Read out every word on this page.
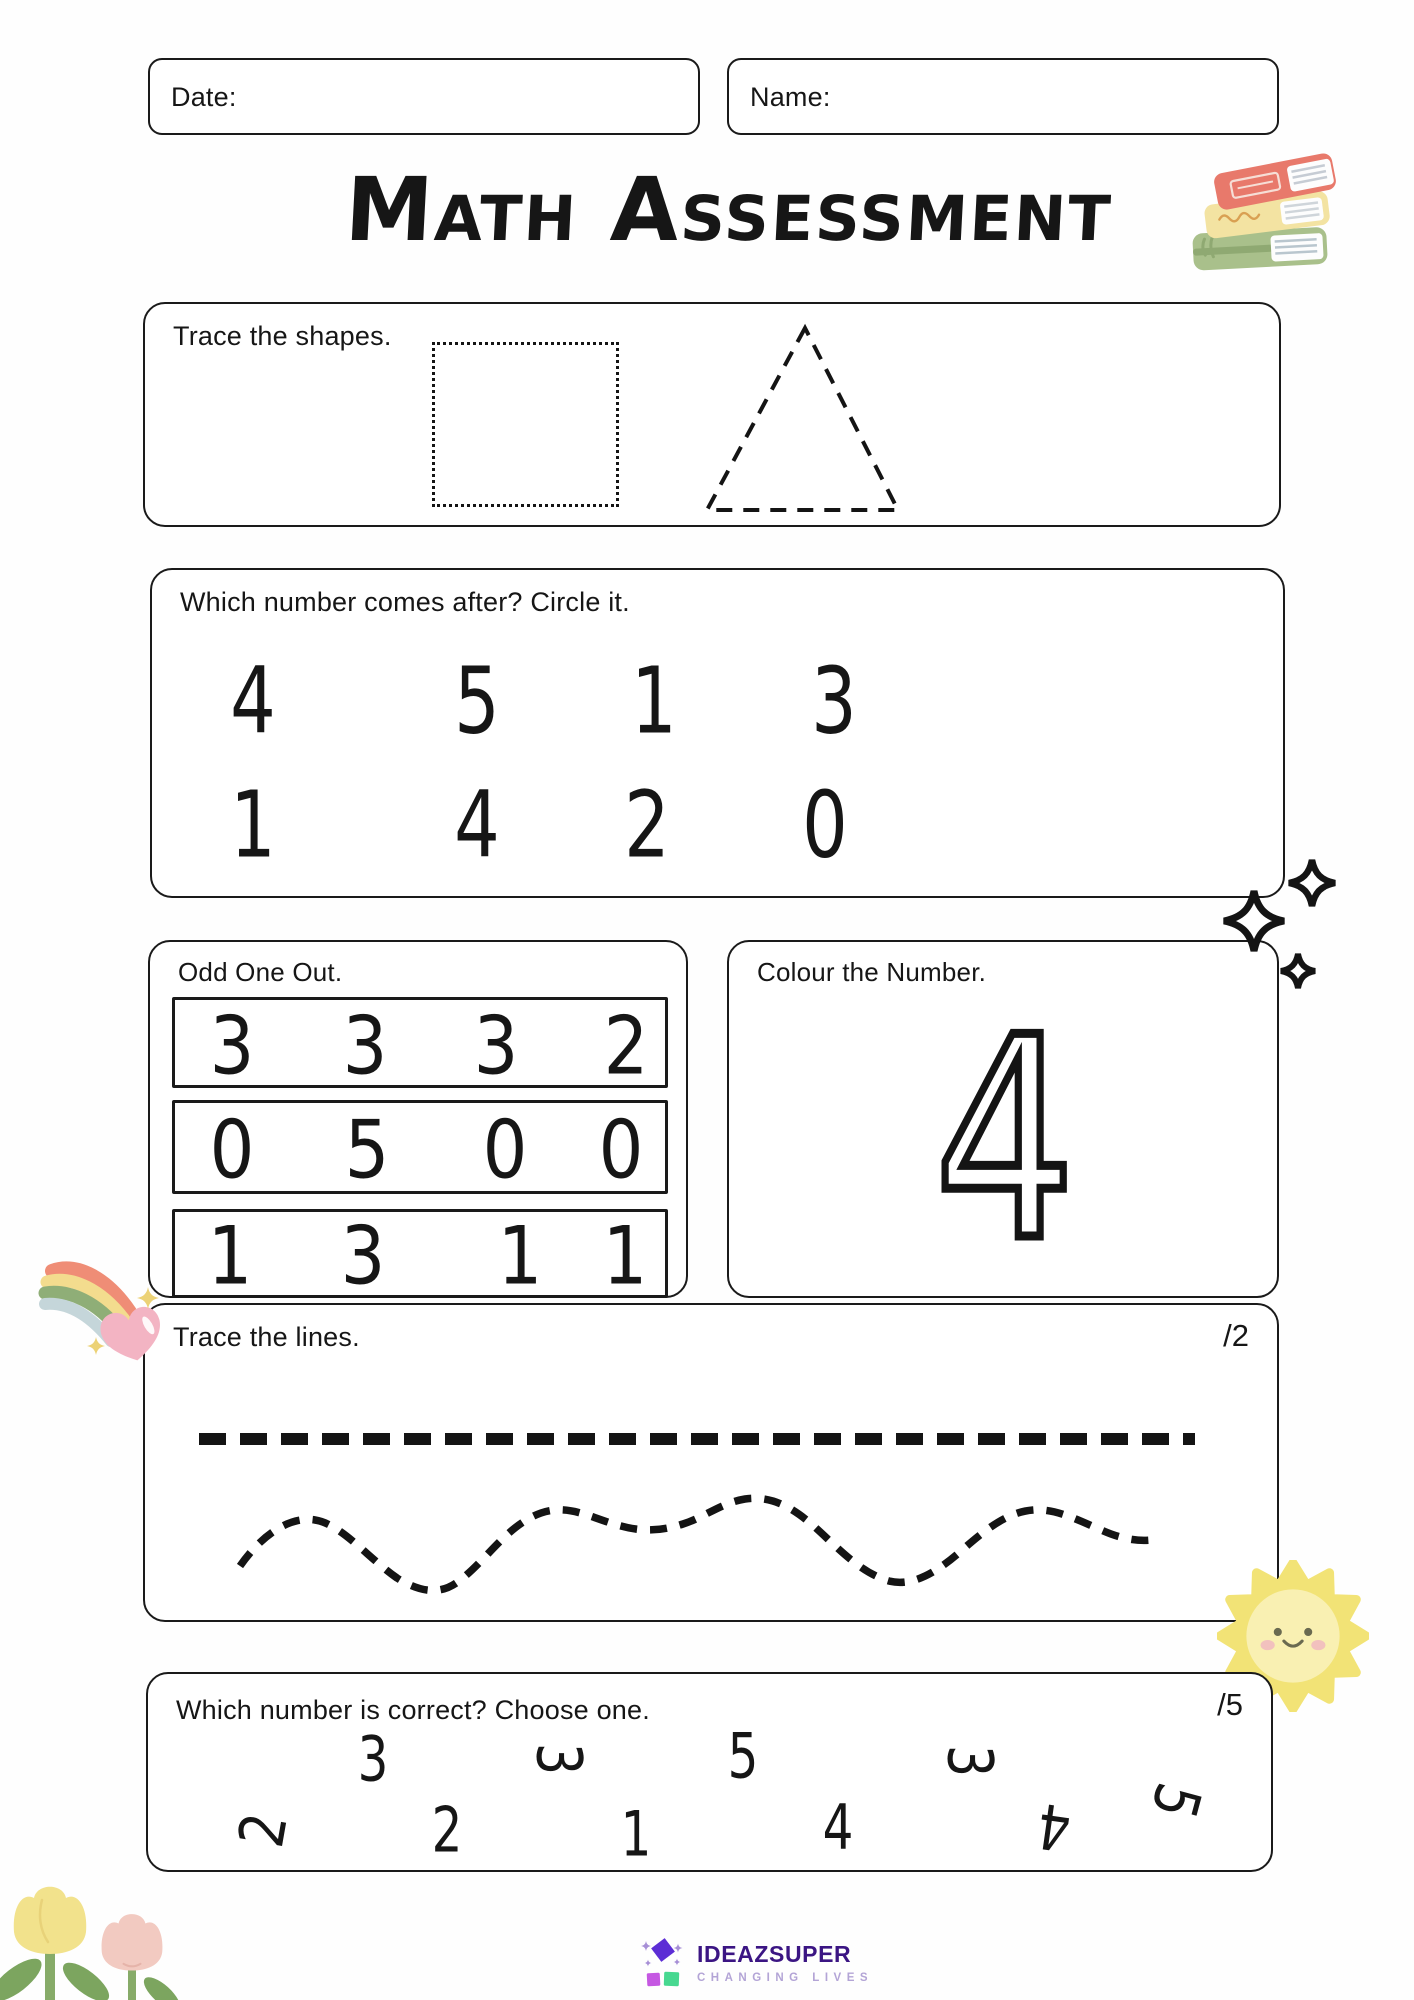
Date:	Name:
Math Assessment
Trace the shapes.
Which number comes after? Circle it.
4 5 1 3
1 4 2 0
Odd One Out.
3 3 3 2
0 5 0 0
1 3 1 1
Colour the Number.
4
Trace the lines.	/2
Which number is correct? Choose one.	/5
3 3 5	3
5
2 2	1	4	4
IDEAZSUPER
CHANGING LIVES
